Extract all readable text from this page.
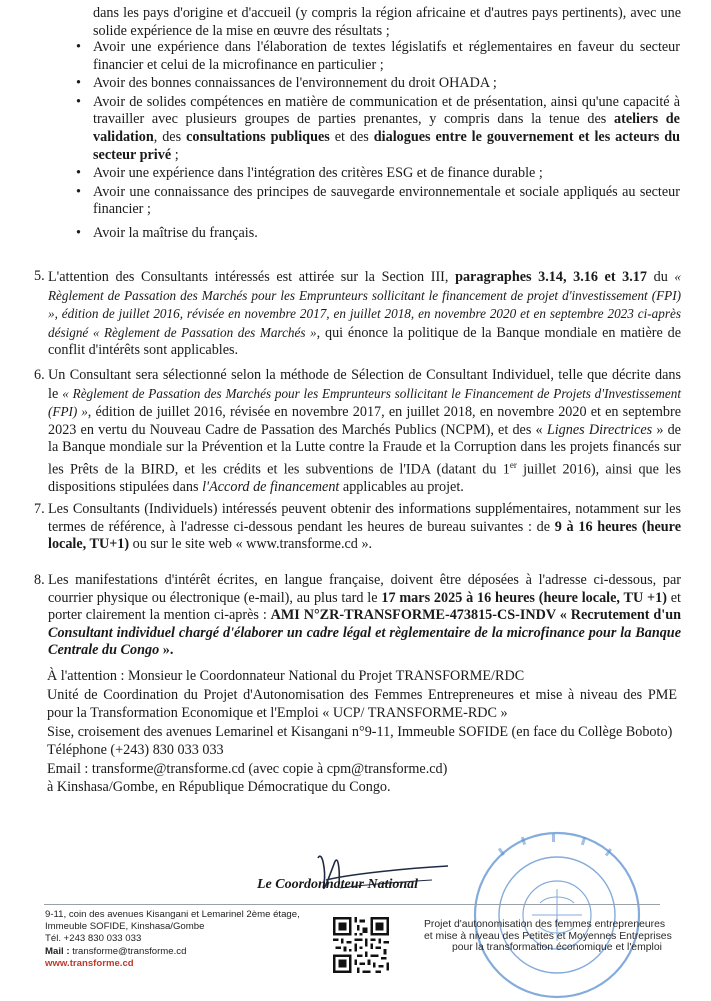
dans les pays d'origine et d'accueil (y compris la région africaine et d'autres pays pertinents), avec une solide expérience de la mise en œuvre des résultats ;
• Avoir une expérience dans l'élaboration de textes législatifs et réglementaires en faveur du secteur financier et celui de la microfinance en particulier ;
• Avoir des bonnes connaissances de l'environnement du droit OHADA ;
• Avoir de solides compétences en matière de communication et de présentation, ainsi qu'une capacité à travailler avec plusieurs groupes de parties prenantes, y compris dans la tenue des ateliers de validation, des consultations publiques et des dialogues entre le gouvernement et les acteurs du secteur privé ;
• Avoir une expérience dans l'intégration des critères ESG et de finance durable ;
• Avoir une connaissance des principes de sauvegarde environnementale et sociale appliqués au secteur financier ;
• Avoir la maîtrise du français.
5. L'attention des Consultants intéressés est attirée sur la Section III, paragraphes 3.14, 3.16 et 3.17 du « Règlement de Passation des Marchés pour les Emprunteurs sollicitant le financement de projet d'investissement (FPI) », édition de juillet 2016, révisée en novembre 2017, en juillet 2018, en novembre 2020 et en septembre 2023 ci-après désigné « Règlement de Passation des Marchés », qui énonce la politique de la Banque mondiale en matière de conflit d'intérêts sont applicables.
6. Un Consultant sera sélectionné selon la méthode de Sélection de Consultant Individuel, telle que décrite dans le « Règlement de Passation des Marchés pour les Emprunteurs sollicitant le Financement de Projets d'Investissement (FPI) », édition de juillet 2016, révisée en novembre 2017, en juillet 2018, en novembre 2020 et en septembre 2023 en vertu du Nouveau Cadre de Passation des Marchés Publics (NCPM), et des « Lignes Directrices » de la Banque mondiale sur la Prévention et la Lutte contre la Fraude et la Corruption dans les projets financés sur les Prêts de la BIRD, et les crédits et les subventions de l'IDA (datant du 1er juillet 2016), ainsi que les dispositions stipulées dans l'Accord de financement applicables au projet.
7. Les Consultants (Individuels) intéressés peuvent obtenir des informations supplémentaires, notamment sur les termes de référence, à l'adresse ci-dessous pendant les heures de bureau suivantes : de 9 à 16 heures (heure locale, TU+1) ou sur le site web « www.transforme.cd ».
8. Les manifestations d'intérêt écrites, en langue française, doivent être déposées à l'adresse ci-dessous, par courrier physique ou électronique (e-mail), au plus tard le 17 mars 2025 à 16 heures (heure locale, TU +1) et porter clairement la mention ci-après : AMI N°ZR-TRANSFORME-473815-CS-INDV « Recrutement d'un Consultant individuel chargé d'élaborer un cadre légal et règlementaire de la microfinance pour la Banque Centrale du Congo ».
À l'attention : Monsieur le Coordonnateur National du Projet TRANSFORME/RDC
Unité de Coordination du Projet d'Autonomisation des Femmes Entrepreneures et mise à niveau des PME pour la Transformation Economique et l'Emploi « UCP/ TRANSFORME-RDC »
Sise, croisement des avenues Lemarinel et Kisangani n°9-11, Immeuble SOFIDE (en face du Collège Boboto)
Téléphone (+243) 830 033 033
Email : transforme@transforme.cd (avec copie à cpm@transforme.cd)
à Kinshasa/Gombe, en République Démocratique du Congo.
Le Coordonnateur National
9-11, coin des avenues Kisangani et Lemarinel 2ème étage,
Immeuble SOFIDE, Kinshasa/Gombe
Tél. +243 830 033 033
Mail : transforme@transforme.cd
www.transforme.cd
Projet d'autonomisation des femmes entrepreneures
et mise à niveau des Petites et Moyennes Entreprises
pour la transformation économique et l'emploi
